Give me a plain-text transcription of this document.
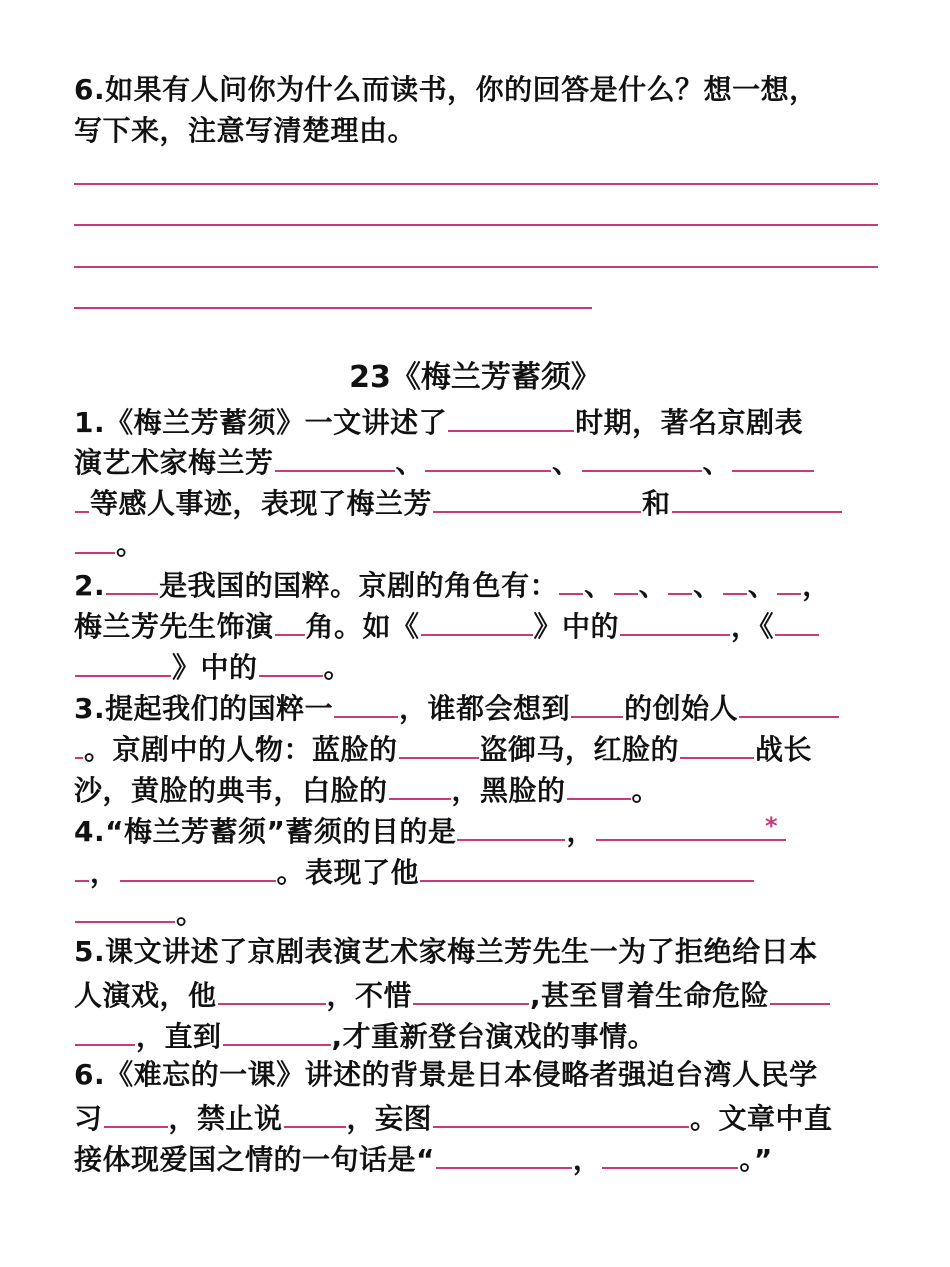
6.如果有人问你为什么而读书，你的回答是什么？想一想，
写下来，注意写清楚理由。
23《梅兰芳蓄须》
1.《梅兰芳蓄须》一文讲述了	时期，著名京剧表
演艺术家梅兰芳	、	、	、
等感人事迹，表现了梅兰芳	和
。
2. 是我国的国粹。京剧的角色有： 、 、 、 、 ，
梅兰芳先生饰演 角。如《	》中的	，《
》中的 。
3.提起我们的国粹一 ，谁都会想到 的创始人
。京剧中的人物：蓝脸的	盗御马，红脸的	战长
沙，黄脸的典韦，白脸的 ，黑脸的 。
4.“梅兰芳蓄须”蓄须的目的是	，	*
，	。表现了他
。
5.课文讲述了京剧表演艺术家梅兰芳先生一为了拒绝给日本
人演戏，他	，不惜	,甚至冒着生命危险
，直到	,才重新登台演戏的事情。
6.《难忘的一课》讲述的背景是日本侵略者强迫台湾人民学
习 ，禁止说 ，妄图	。文章中直
接体现爱国之情的一句话是“	，	。”
